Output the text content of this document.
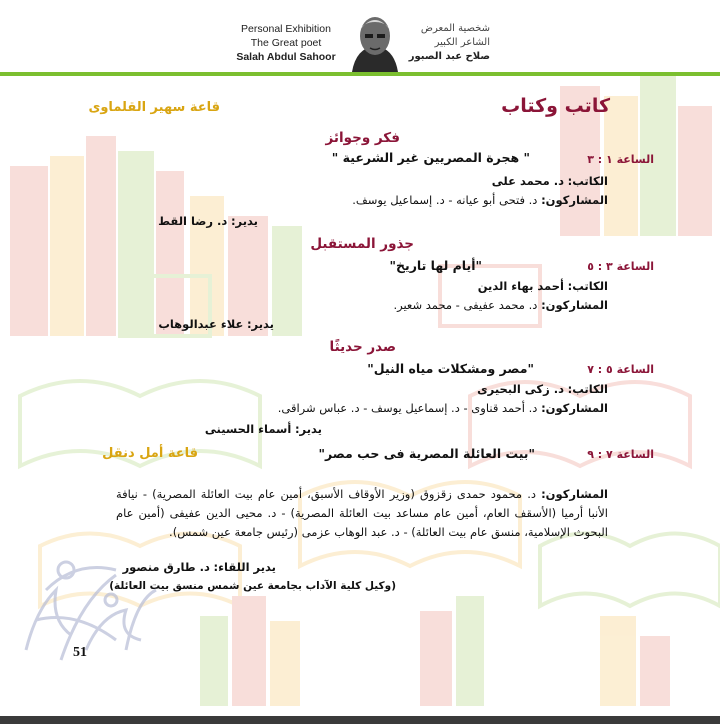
Personal Exhibition
The Great poet
Salah Abdul Sahoor
شخصية المعرض
الشاعر الكبير
صلاح عبد الصبور
كاتب وكتاب
قاعة سهير القلماوى
فكر وجوائز
الساعة ١ : ٣
" هجرة المصريين غير الشرعية "
الكاتب: د. محمد على
المشاركون: د. فتحى أبو عيانه - د. إسماعيل يوسف.
يدير: د. رضا القط
جذور المستقبل
الساعة ٣ : ٥
"أيام لها تاريخ"
الكاتب: أحمد بهاء الدين
المشاركون: د. محمد عفيفى - محمد شعير.
يدير: علاء عبدالوهاب
صدر حديثًا
الساعة ٥ : ٧
"مصر ومشكلات مياه النيل"
الكاتب: د. زكى البحيرى
المشاركون: د. أحمد قناوى - د. إسماعيل يوسف - د. عباس شراقى.
يدير: أسماء الحسينى
الساعة ٧ : ٩
"بيت العائلة المصرية فى حب مصر"
قاعة أمل دنقل
المشاركون: د. محمود حمدى زقزوق (وزير الأوقاف الأسبق، أمين عام بيت العائلة المصرية) - نيافة الأنبا أرميا (الأسقف العام، أمين عام مساعد بيت العائلة المصرية) - د. محيى الدين عفيفى (أمين عام البحوث الإسلامية، منسق عام بيت العائلة) - د. عبد الوهاب عزمى (رئيس جامعة عين شمس).
يدير اللقاء: د. طارق منصور
(وكيل كلية الآداب بجامعة عين شمس منسق بيت العائلة)
51
